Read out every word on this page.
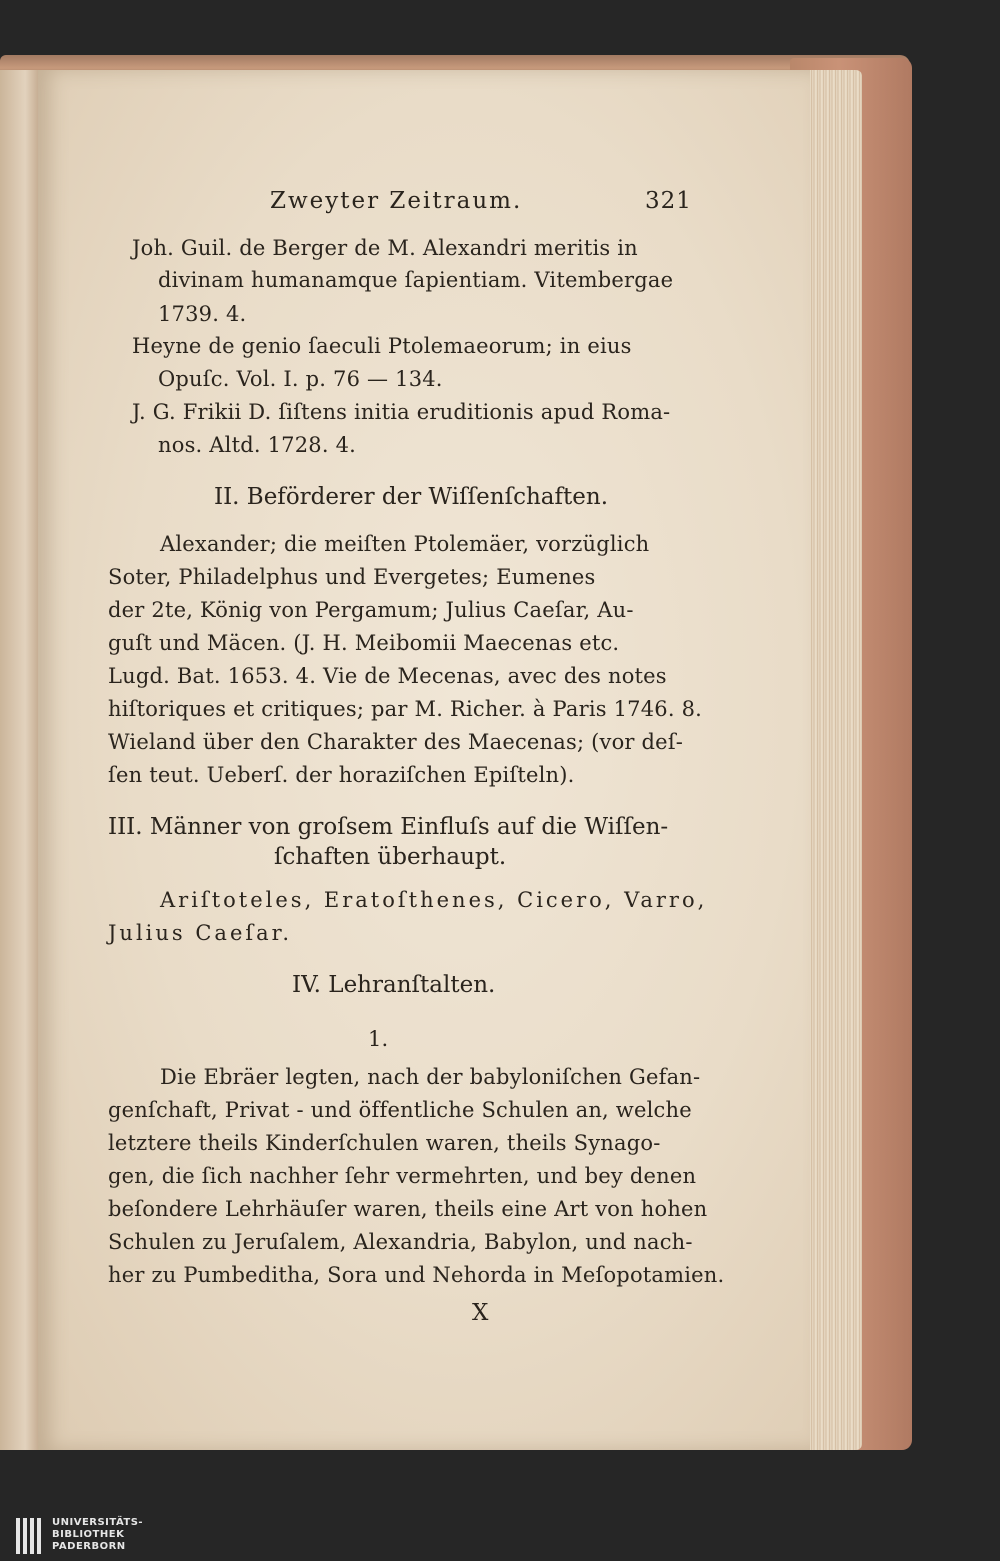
Zweyter Zeitraum.	321
Joh. Guil. de Berger de M. Alexandri meritis in
divinam humanamque ſapientiam. Vitembergae
1739. 4.
Heyne de genio ſaeculi Ptolemaeorum; in eius
Opuſc. Vol. I. p. 76 — 134.
J. G. Frikii D. ſiſtens initia eruditionis apud Roma-
nos. Altd. 1728. 4.
II. Beförderer der Wiſſenſchaften.
Alexander; die meiſten Ptolemäer, vorzüglich
Soter, Philadelphus und Evergetes; Eumenes
der 2te, König von Pergamum; Julius Caeſar, Au-
guſt und Mäcen. (J. H. Meibomii Maecenas etc.
Lugd. Bat. 1653. 4. Vie de Mecenas, avec des notes
hiſtoriques et critiques; par M. Richer. à Paris 1746. 8.
Wieland über den Charakter des Maecenas; (vor deſ-
ſen teut. Ueberſ. der horaziſchen Epiſteln).
III. Männer von groſsem Einfluſs auf die Wiſſen-
ſchaften überhaupt.
Ariſtoteles, Eratoſthenes, Cicero, Varro,
Julius Caeſar.
IV. Lehranſtalten.
1.
Die Ebräer legten, nach der babyloniſchen Gefan-
genſchaft, Privat - und öffentliche Schulen an, welche
letztere theils Kinderſchulen waren, theils Synago-
gen, die ſich nachher ſehr vermehrten, und bey denen
beſondere Lehrhäuſer waren, theils eine Art von hohen
Schulen zu Jeruſalem, Alexandria, Babylon, und nach-
her zu Pumbeditha, Sora und Nehorda in Meſopotamien.
X
UNIVERSITÄTS-
BIBLIOTHEK
PADERBORN
